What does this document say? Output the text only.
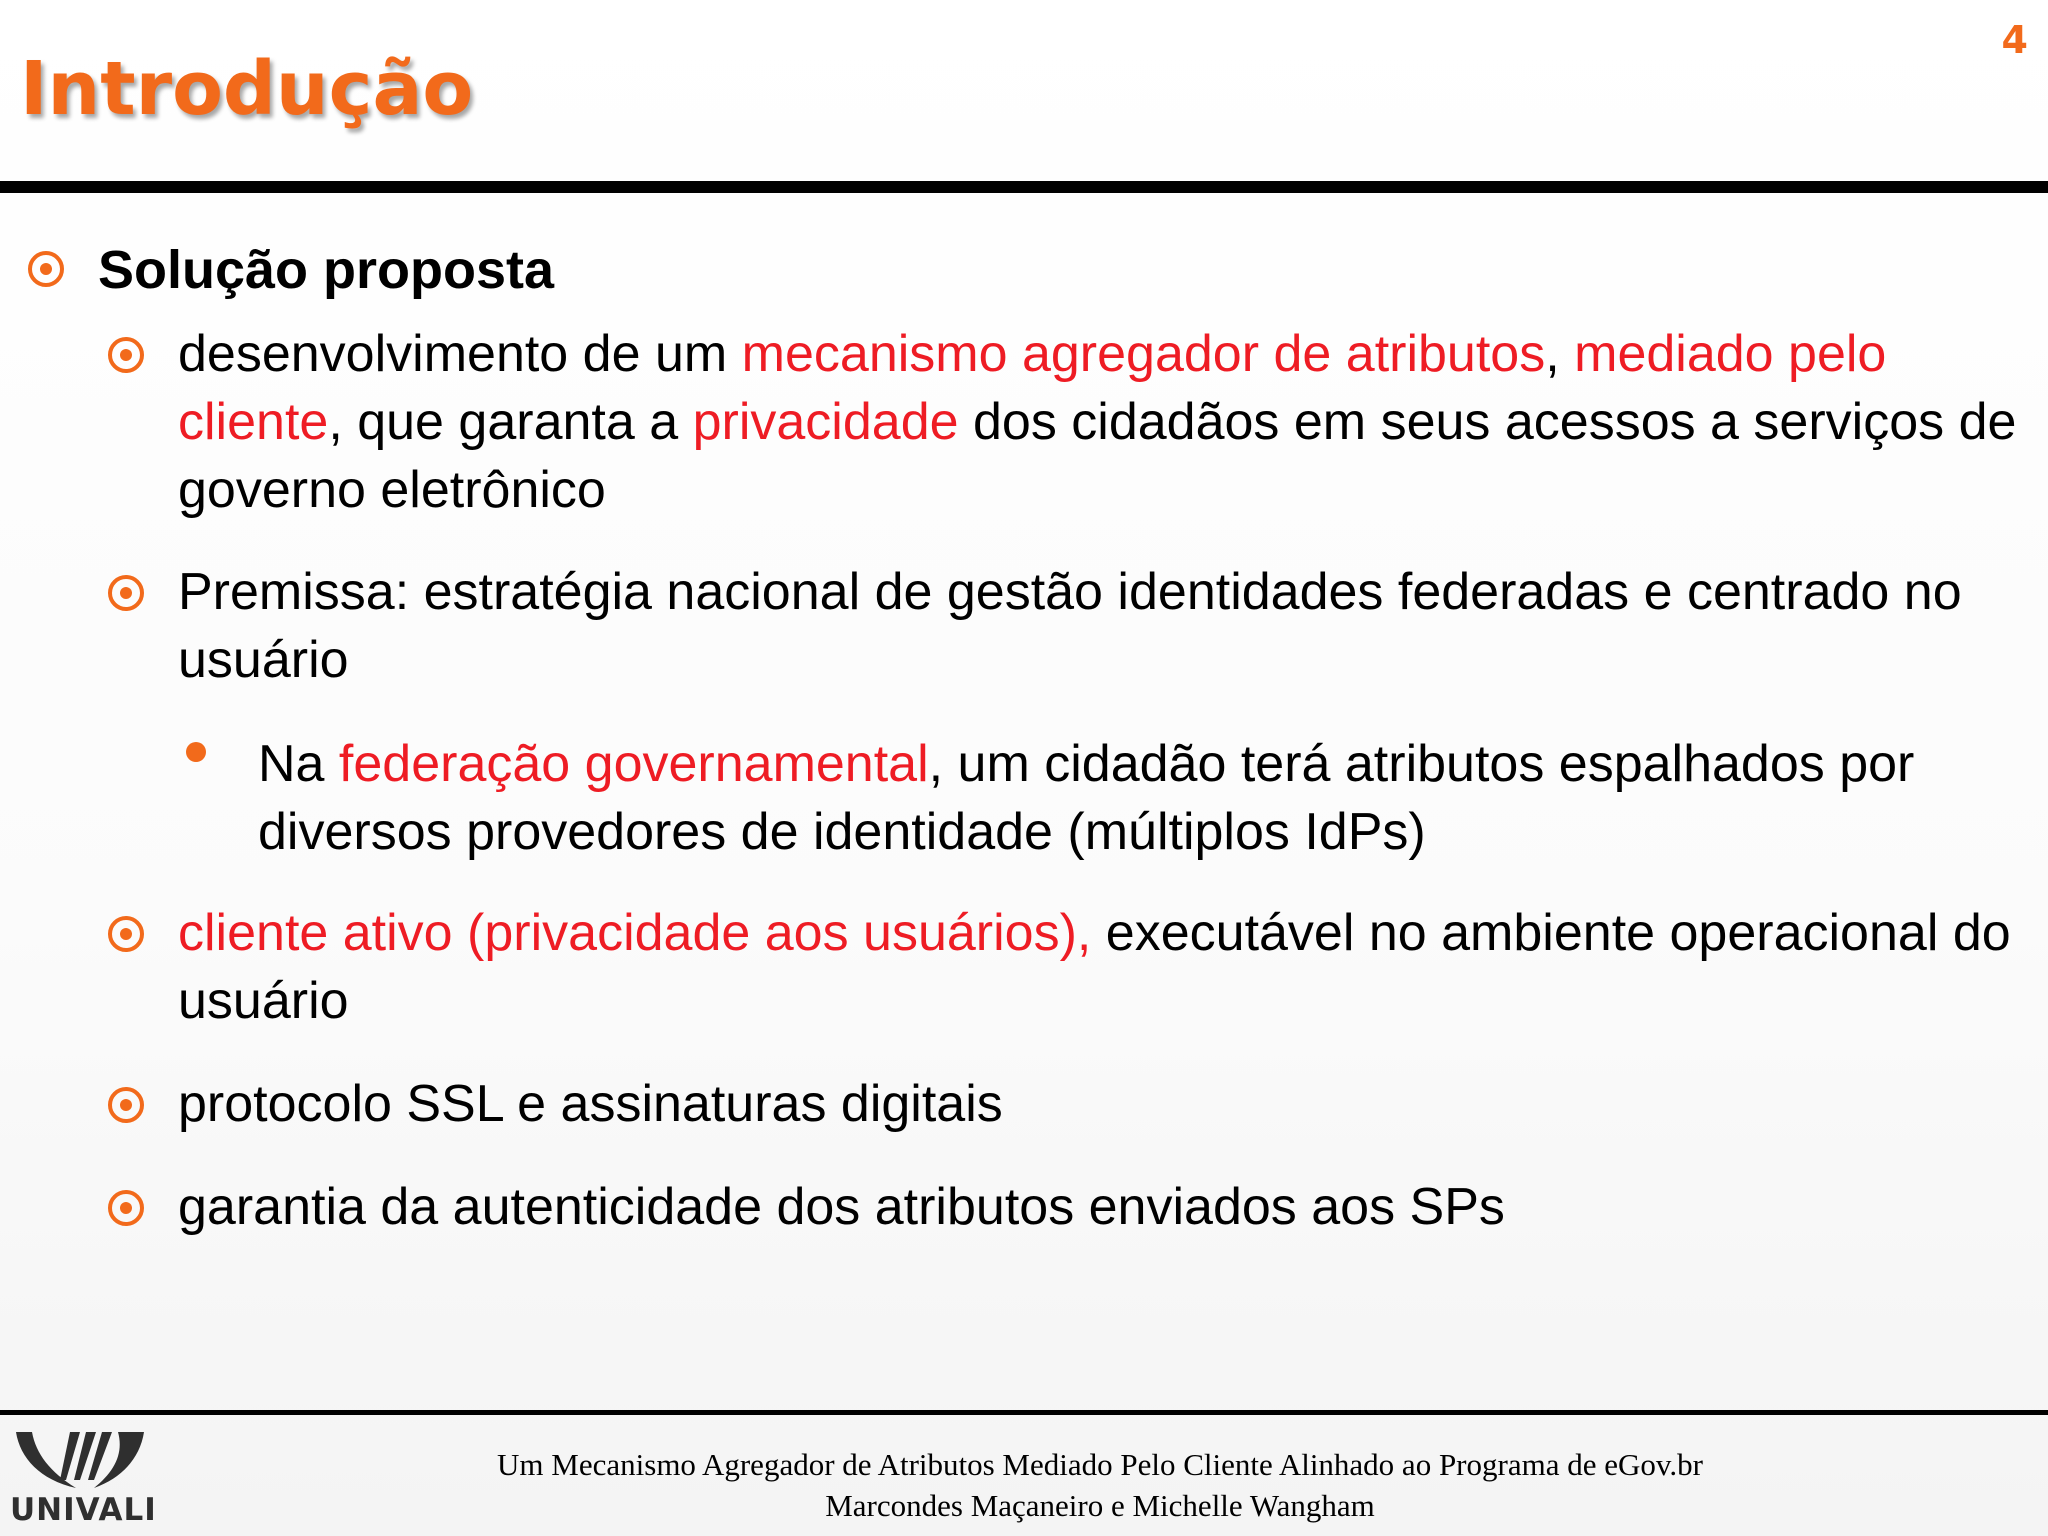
Introdução
4
Solução proposta
desenvolvimento de um mecanismo agregador de atributos, mediado pelo cliente, que garanta a privacidade dos cidadãos em seus acessos a serviços de governo eletrônico
Premissa: estratégia nacional de gestão identidades federadas e centrado no usuário
Na federação governamental, um cidadão terá atributos espalhados por diversos provedores de identidade (múltiplos IdPs)
cliente ativo (privacidade aos usuários), executável no ambiente operacional do usuário
protocolo SSL e assinaturas digitais
garantia da autenticidade dos atributos enviados aos SPs
UNIVALI
Um Mecanismo Agregador de Atributos Mediado Pelo Cliente Alinhado ao Programa de eGov.br
Marcondes Maçaneiro e Michelle Wangham
